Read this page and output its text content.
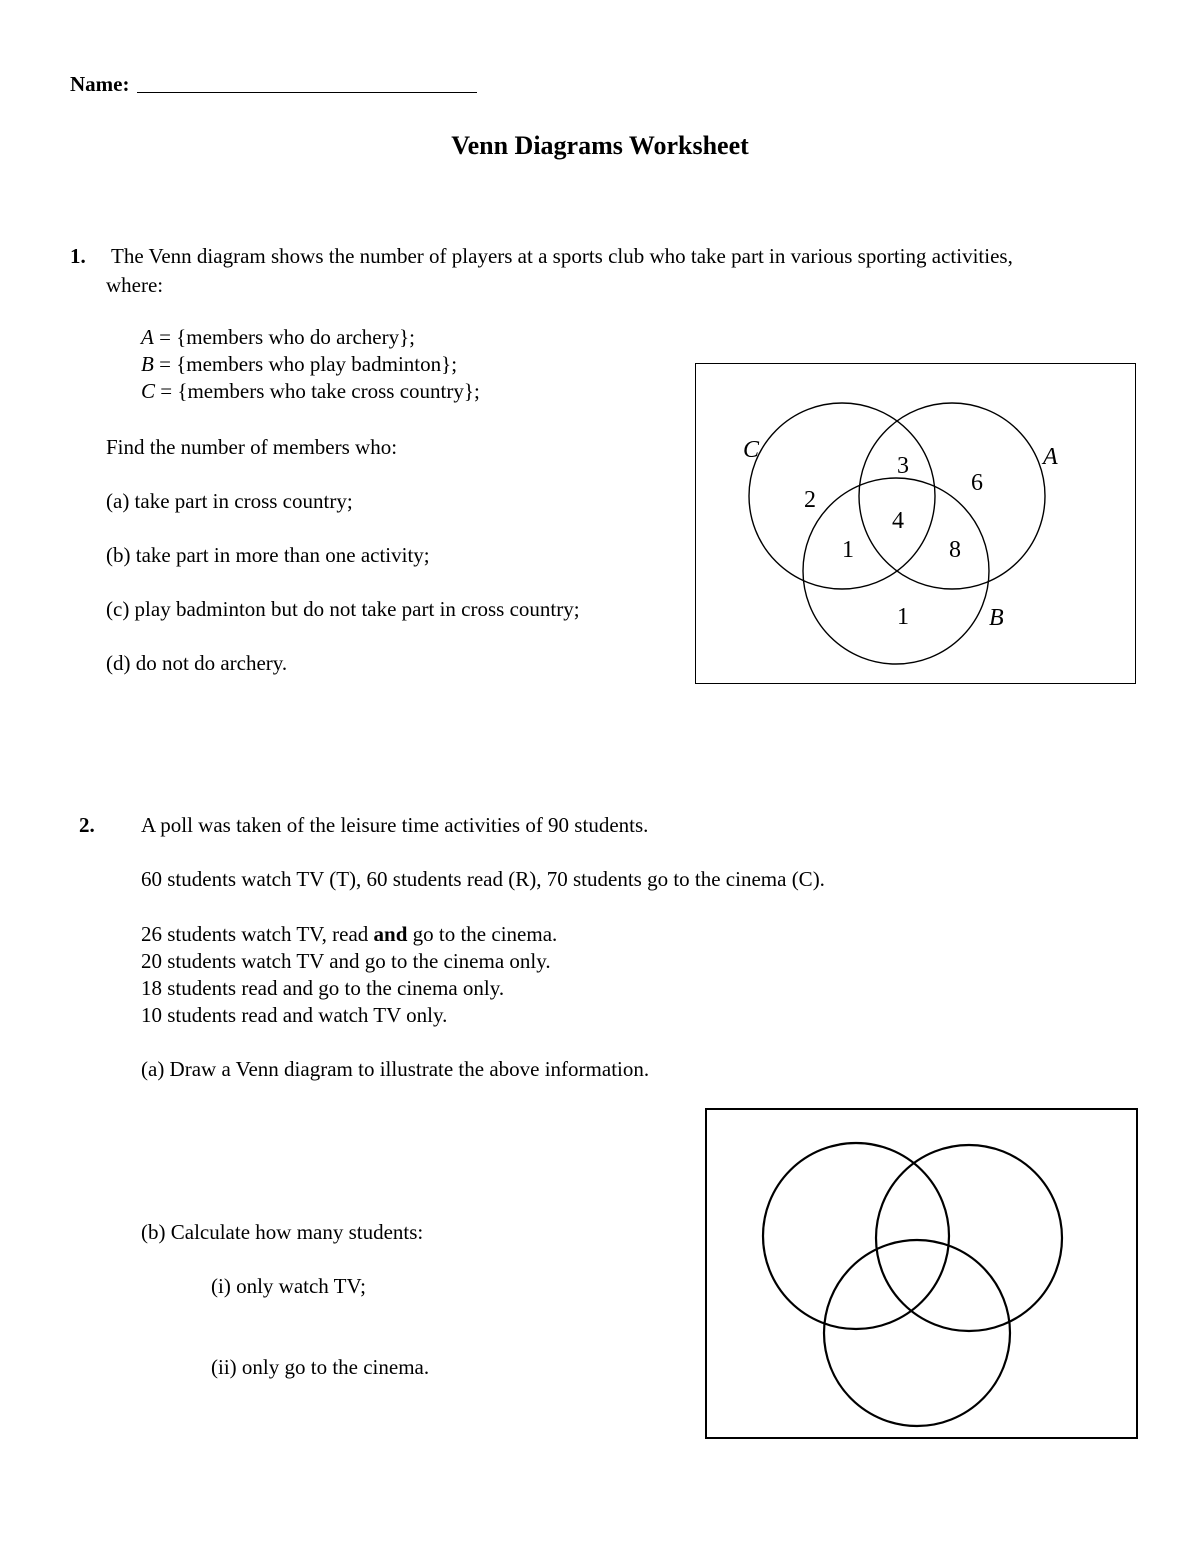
Name:
Venn Diagrams Worksheet
1. The Venn diagram shows the number of players at a sports club who take part in various sporting activities,
where:
A = {members who do archery};
B = {members who play badminton};
C = {members who take cross country};
Find the number of members who:
(a) take part in cross country;
(b) take part in more than one activity;
(c) play badminton but do not take part in cross country;
(d) do not do archery.
C	A
B
3
6
2
4
1	8
1
2. A poll was taken of the leisure time activities of 90 students.
60 students watch TV (T), 60 students read (R), 70 students go to the cinema (C).
26 students watch TV, read and go to the cinema.
20 students watch TV and go to the cinema only.
18 students read and go to the cinema only.
10 students read and watch TV only.
(a) Draw a Venn diagram to illustrate the above information.
(b) Calculate how many students:
(i) only watch TV;
(ii) only go to the cinema.
